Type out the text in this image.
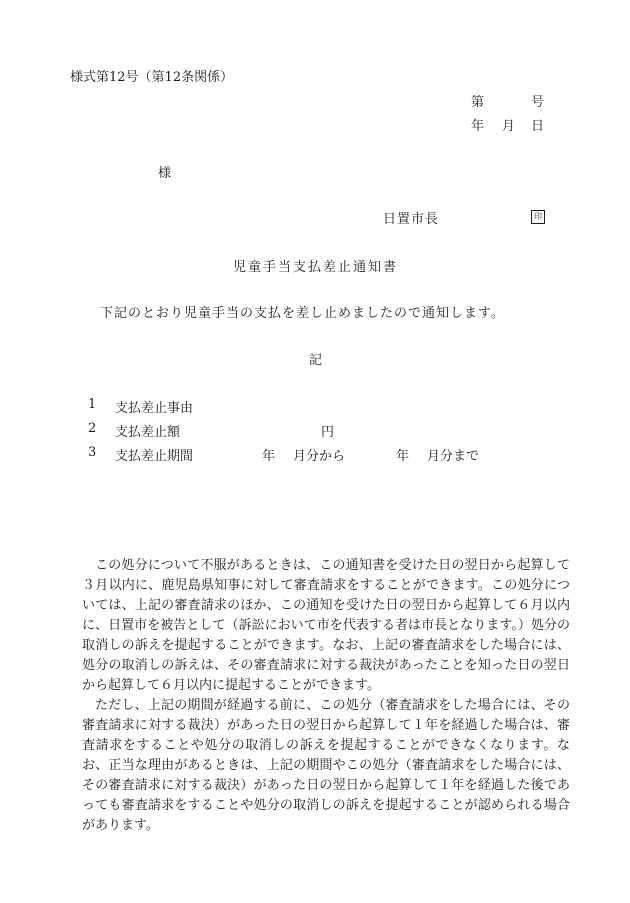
様式第12号（第12条関係）
第	号
年 月 日
様
日置市長	印
児童手当支払差止通知書
下記のとおり児童手当の支払を差し止めましたので通知します。
記
1 支払差止事由
2 支払差止額	円
3 支払差止期間	年 月分から	年 月分まで

この処分について不服があるときは、この通知書を受けた日の翌日から起算して３月以内に、鹿児島県知事に対して審査請求をすることができます。この処分については、上記の審査請求のほか、この通知を受けた日の翌日から起算して６月以内に、日置市を被告として（訴訟において市を代表する者は市長となります。）処分の取消しの訴えを提起することができます。なお、上記の審査請求をした場合には、処分の取消しの訴えは、その審査請求に対する裁決があったことを知った日の翌日から起算して６月以内に提起することができます。

ただし、上記の期間が経過する前に、この処分（審査請求をした場合には、その審査請求に対する裁決）があった日の翌日から起算して１年を経過した場合は、審査請求をすることや処分の取消しの訴えを提起することができなくなります。なお、正当な理由があるときは、上記の期間やこの処分（審査請求をした場合には、その審査請求に対する裁決）があった日の翌日から起算して１年を経過した後であっても審査請求をすることや処分の取消しの訴えを提起することが認められる場合があります。
